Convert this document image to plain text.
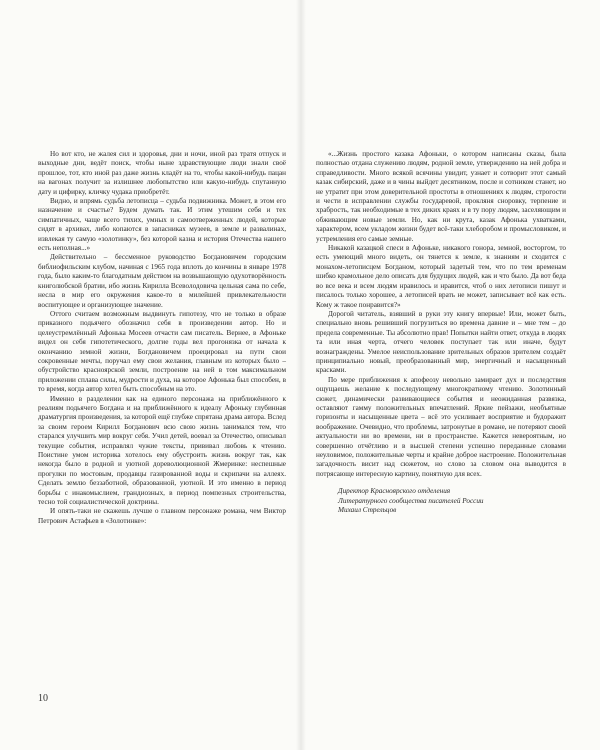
Но вот кто, не жалея сил и здоровья, дни и ночи, иной раз тратя отпуск и выходные дни, ведёт поиск, чтобы ныне здравствующие люди знали своё прошлое, тот, кто иной раз даже жизнь кладёт на то, чтобы какой-нибудь пацан на вагонах получит за излишнее любопытство или какую-нибудь спутанную дату и цифирку, кличку чудака приобретёт.

Видно, и впрямь судьба летописца – судьба подвижника. Может, в этом его назначение и счастье? Будем думать так. И этим утешим себя и тех симпатичных, чаще всего тихих, умных и самоотверженных людей, которые сидят в архивах, либо копаются в запасниках музеев, в земле и развалинах, извлекая ту самую «золотинку», без которой казна и история Отечества нашего есть неполная...»

Действительно – бессменное руководство Богдановичем городским библиофильским клубом, начиная с 1965 года вплоть до кончины в январе 1978 года, было каким-то благодатным действом на возвышающую одухотворённость книголюбской братии, ибо жизнь Кирилла Всеволодовича цельная сама по себе, несла в мир его окружения какое-то в милейшей привлекательности воспитующее и организующее значение.

Оттого считаем возможным выдвинуть гипотезу, что не только в образе приказного подьячего обозначил себя в произведении автор. Но и целеустремлённый Афонька Мосеев отчасти сам писатель. Вернее, в Афоньке видел он себя гипотетического, долгие годы вел прогонязка от начала к окончанию земной жизни, Богдановичем проецировал на пути свои сокровенные мечты, поручал ему свои желания, главным из которых было – обустройство красноярской земли, построение на ней в том максимальном приложении сплава силы, мудрости и духа, на которое Афонька был способен, в то время, когда автор хотел быть способным на это.

Именно в разделении как на единого персонажа на приближённого к реалиям подьячего Богдана и на приближённого к идеалу Афоньку глубинная драматургия произведения, за которой ещё глубже спрятана драма автора. Вслед за своим героем Кирилл Богданович всю свою жизнь занимался тем, что старался улучшить мир вокруг себя. Учил детей, воевал за Отечество, описывал текущие события, исправлял чужие тексты, прививал любовь к чтению. Поистине умом историка хотелось ему обустроить жизнь вокруг так, как некогда было в родной и уютной дореволюционной Жмеринке: неспешные прогулки по мостовым, продавцы газированной воды и скрипачи на аллеях. Сделать землю беззаботной, образованной, уютной. И это именно в период борьбы с инакомыслием, грандиозных, в период помпезных строительства, тесно той социалистической доктрины.

И опять-таки не скажешь лучше о главном персонаже романа, чем Виктор Петрович Астафьев в «Золотинке»:

10

«...Жизнь простого казака Афоньки, о котором написаны сказы, была полностью отдана служению людям, родной земле, утверждению на ней добра и справедливости. Много всякой всячины увидит, узнает и сотворит этот самый казак сибирский, даже и в чины выйдет десятником, после и сотником станет, но не утратит при этом доверительной простоты в отношениях к людям, строгости и чести в исправлении службы государевой, прокляня сноровку, терпение и храбрость, так необходимые в тех диких краях и в ту пору людям, заселяющим и обживающим новые земли. Но, как ни крута, казак Афонька ухватками, характером, всем укладом жизни будет всё-таки хлеборобом и промысловиком, и устремления его самые земные.

Никакой казацкой спеси в Афоньке, никакого гонора, земной, восторгом, то есть умеющий много видеть, он тянется к земле, к знаниям и сходится с монахом-летописцем Богданом, который задетый тем, что по тем временам шибко крамольное дело описать для будущих людей, как и что было. Да вот беда во все века и всем людям нравилось и нравится, чтоб о них летописи пишут и писалось только хорошее, а летописей врать не может, записывает всё как есть. Кому ж такое понравится?»

Дорогой читатель, взявший в руки эту книгу впервые! Или, может быть, специально вновь решивший погрузиться во времена давние и – мне тем – до предела современные. Ты абсолютно прав! Попытки найти ответ, откуда в людях та или иная черта, отчего человек поступает так или иначе, будут вознаграждены. Умелое неиспользование зрительных образов зрителем создаёт принципиально новый, преобразованный мир, энергичный и насыщенный красками.

По мере приближения к апофеозу невольно замирает дух и последствия ощущаешь желание к последующему многократному чтению. Золотинный сюжет, динамически развивающиеся события и неожиданная развязка, оставляют гамму положительных впечатлений. Яркие пейзажи, необъятные горизонты и насыщенные цвета – всё это усиливает восприятие и будоражит воображение. Очевидно, что проблемы, затронутые в романе, не потеряют своей актуальности ни во времени, ни в пространстве. Кажется невероятным, но совершенно отчётливо и в высшей степени успешно переданные словами неуловимое, положительные черты и крайне доброе настроение. Положительная загадочность висит над сюжетом, но слово за словом она выводится в потрясающе интересную картину, понятную для всех.

Директор Красноярского отделения
Литературного сообщества писателей России
Михаил Стрельцов
